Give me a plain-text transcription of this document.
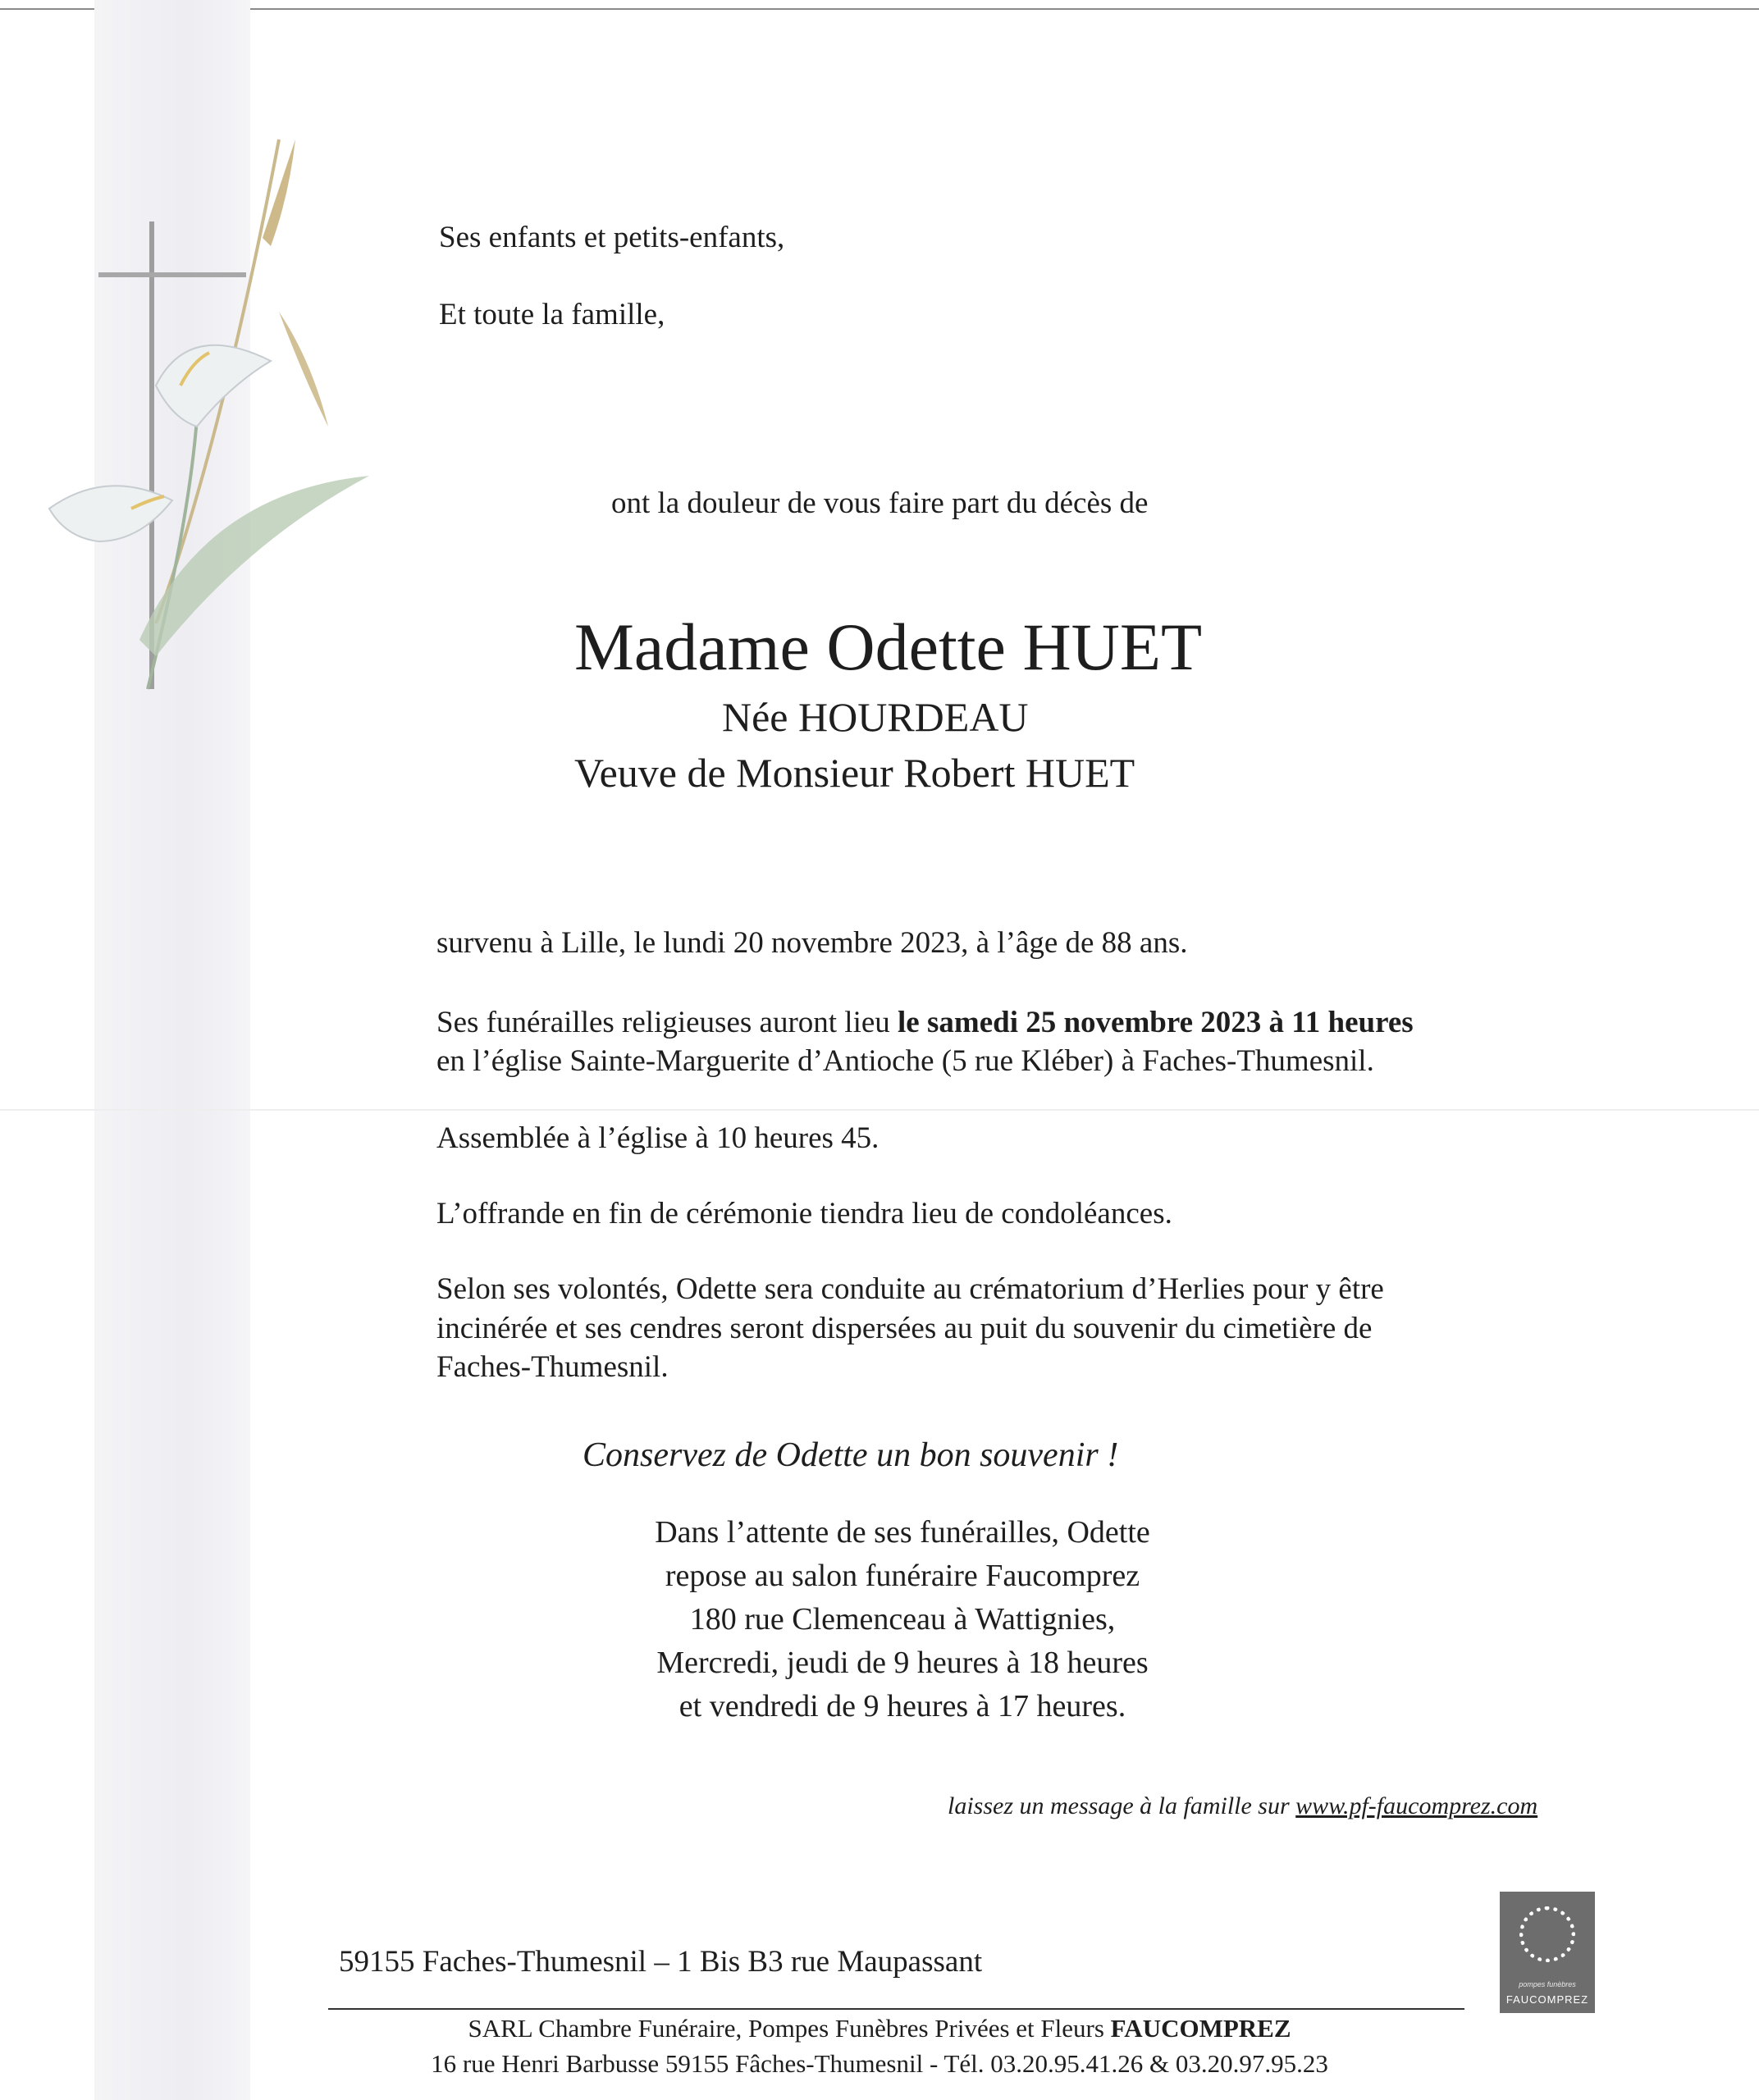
Ses enfants et petits-enfants,
Et toute la famille,
ont la douleur de vous faire part du décès de
Madame Odette HUET
Née HOURDEAU
Veuve de Monsieur Robert HUET
survenu à Lille, le lundi 20 novembre 2023, à l’âge de 88 ans.
Ses funérailles religieuses auront lieu le samedi 25 novembre 2023 à 11 heures
en l’église Sainte-Marguerite d’Antioche (5 rue Kléber) à Faches-Thumesnil.
Assemblée à l’église à 10 heures 45.
L’offrande en fin de cérémonie tiendra lieu de condoléances.
Selon ses volontés, Odette sera conduite au crématorium d’Herlies pour y être
incinérée et ses cendres seront dispersées au puit du souvenir du cimetière de
Faches-Thumesnil.
Conservez de Odette un bon souvenir !
Dans l’attente de ses funérailles, Odette
repose au salon funéraire Faucomprez
180 rue Clemenceau à Wattignies,
Mercredi, jeudi de 9 heures à 18 heures
et vendredi de 9 heures à 17 heures.
laissez un message à la famille sur www.pf-faucomprez.com
59155 Faches-Thumesnil – 1 Bis B3 rue Maupassant
pompes funèbres
FAUCOMPREZ
SARL Chambre Funéraire, Pompes Funèbres Privées et Fleurs FAUCOMPREZ
16 rue Henri Barbusse 59155 Fâches-Thumesnil - Tél. 03.20.95.41.26 & 03.20.97.95.23
